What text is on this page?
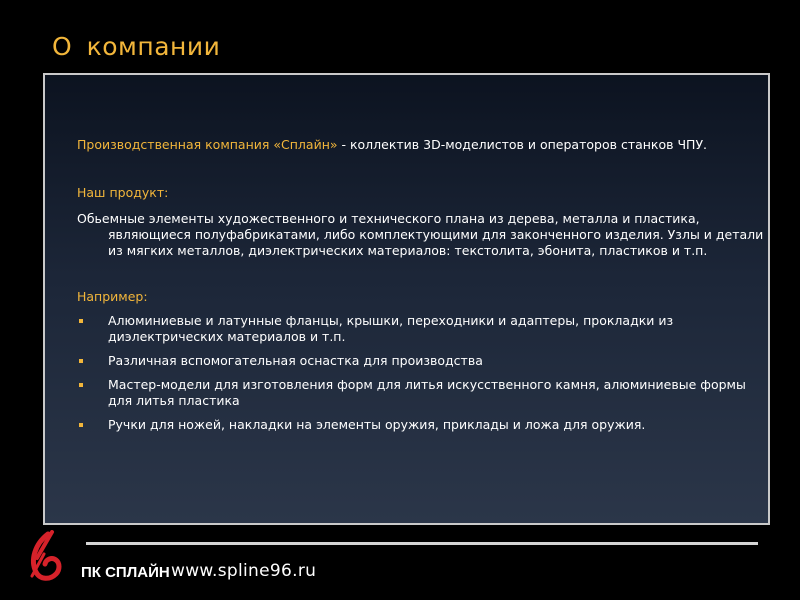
О компании

Производственная компания «Сплайн» - коллектив 3D-моделистов и операторов станков ЧПУ.

Наш продукт:

Обьемные элементы художественного и технического плана из дерева, металла и пластика, являющиеся полуфабрикатами, либо комплектующими для законченного изделия. Узлы и детали из мягких металлов, диэлектрических материалов: текстолита, эбонита, пластиков и т.п.

Например:

Алюминиевые и латунные фланцы, крышки, переходники и адаптеры, прокладки из диэлектрических материалов и т.п.
Различная вспомогательная оснастка для производства
Мастер-модели для изготовления форм для литья искусственного камня, алюминиевые формы для литья пластика
Ручки для ножей, накладки на элементы оружия, приклады и ложа для оружия.
ПК СПЛАЙН www.spline96.ru
